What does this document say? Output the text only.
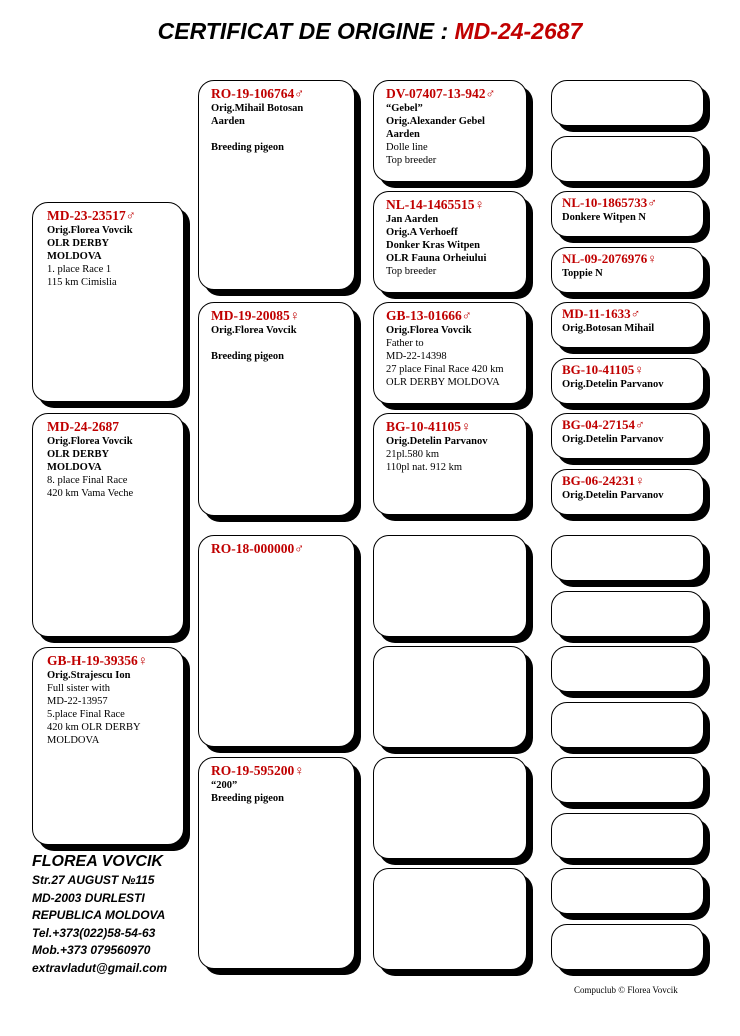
CERTIFICAT DE ORIGINE : MD-24-2687
MD-23-23517♂
Orig.Florea Vovcik
OLR DERBY
MOLDOVA
1. place Race 1
115 km Cimislia
MD-24-2687
Orig.Florea Vovcik
OLR DERBY
MOLDOVA
8. place Final Race
420 km Vama Veche
GB-H-19-39356♀
Orig.Strajescu Ion
Full sister with
MD-22-13957
5.place Final Race
420 km OLR DERBY
MOLDOVA
RO-19-106764♂
Orig.Mihail Botosan
Aarden
Breeding pigeon
MD-19-20085♀
Orig.Florea Vovcik
Breeding pigeon
RO-18-000000♂
RO-19-595200♀
“200”
Breeding pigeon
DV-07407-13-942♂
“Gebel”
Orig.Alexander Gebel
Aarden
Dolle line
Top breeder
NL-14-1465515♀
Jan Aarden
Orig.A Verhoeff
Donker Kras Witpen
OLR Fauna Orheiului
Top breeder
GB-13-01666♂
Orig.Florea Vovcik
Father to
MD-22-14398
27 place Final Race 420 km
OLR DERBY MOLDOVA
BG-10-41105♀
Orig.Detelin Parvanov
21pl.580 km
110pl nat. 912 km
NL-10-1865733♂
Donkere Witpen N
NL-09-2076976♀
Toppie N
MD-11-1633♂
Orig.Botosan Mihail
BG-10-41105♀
Orig.Detelin Parvanov
BG-04-27154♂
Orig.Detelin Parvanov
BG-06-24231♀
Orig.Detelin Parvanov
FLOREA VOVCIK
Str.27 AUGUST №115
MD-2003 DURLESTI
REPUBLICA MOLDOVA
Tel.+373(022)58-54-63
Mob.+373 079560970
extravladut@gmail.com
Compuclub © Florea Vovcik
